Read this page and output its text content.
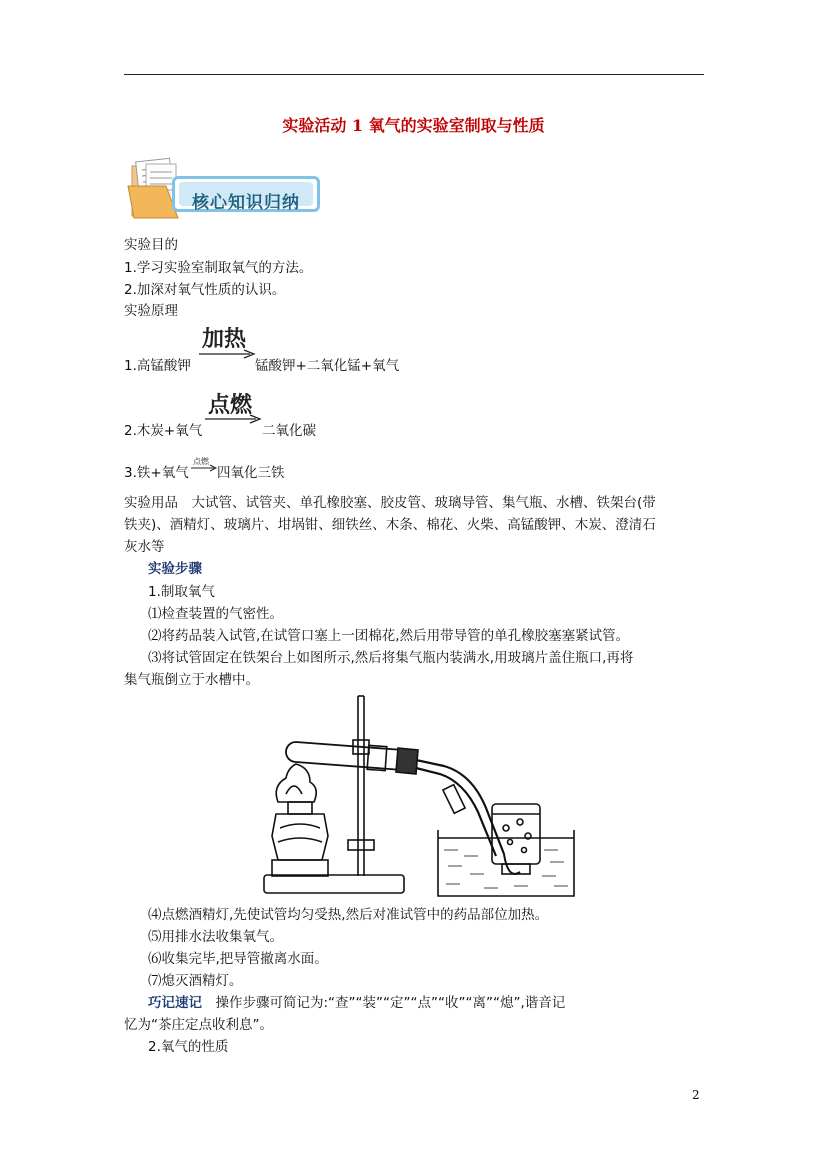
实验活动 1 氧气的实验室制取与性质
核心知识归纳
实验目的
1.学习实验室制取氧气的方法。
2.加深对氧气性质的认识。
实验原理
1.高锰酸钾
加热
锰酸钾+二氧化锰+氧气
2.木炭+氧气
点燃
二氧化碳
3.铁+氧气
点燃
→ 四氧化三铁
实验用品　大试管、试管夹、单孔橡胶塞、胶皮管、玻璃导管、集气瓶、水槽、铁架台(带
铁夹)、酒精灯、玻璃片、坩埚钳、细铁丝、木条、棉花、火柴、高锰酸钾、木炭、澄清石
灰水等
实验步骤
1.制取氧气
⑴检查装置的气密性。
⑵将药品装入试管,在试管口塞上一团棉花,然后用带导管的单孔橡胶塞塞紧试管。
⑶将试管固定在铁架台上如图所示,然后将集气瓶内装满水,用玻璃片盖住瓶口,再将
集气瓶倒立于水槽中。
⑷点燃酒精灯,先使试管均匀受热,然后对准试管中的药品部位加热。
⑸用排水法收集氧气。
⑹收集完毕,把导管撤离水面。
⑺熄灭酒精灯。
巧记速记　操作步骤可简记为:“查”“装”“定”“点”“收”“离”“熄”,谐音记
忆为“茶庄定点收利息”。
2.氧气的性质
2
